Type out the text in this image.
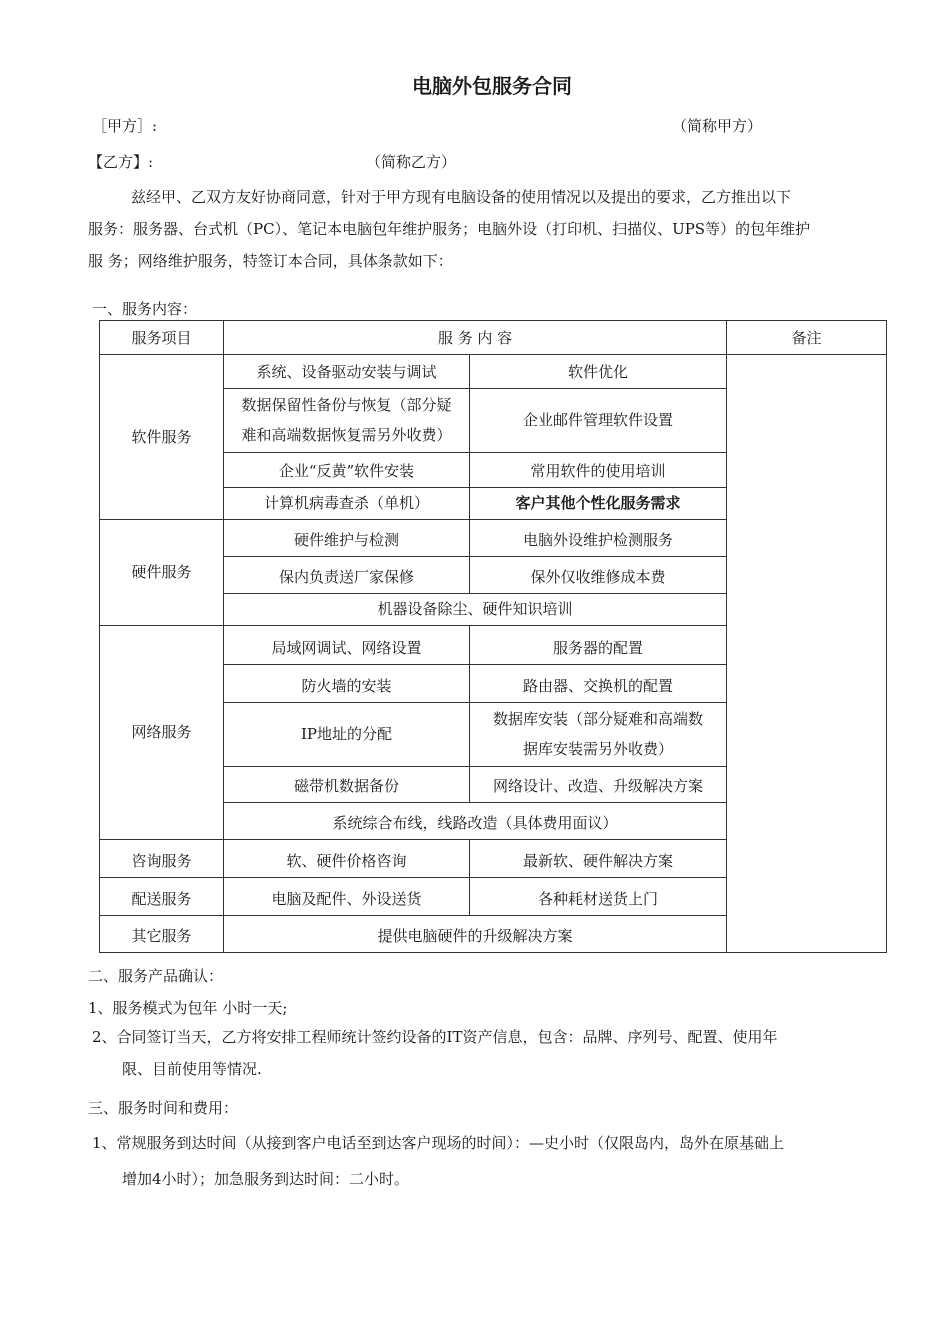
电脑外包服务合同
［甲方］:	（简称甲方）
【乙方】:	（简称乙方）
兹经甲、乙双方友好协商同意，针对于甲方现有电脑设备的使用情况以及提出的要求，乙方推出以下
服务：服务器、台式机（PC）、笔记本电脑包年维护服务；电脑外设（打印机、扫描仪、UPS等）的包年维护
服 务；网络维护服务，特签订本合同，具体条款如下：
一、服务内容：
服务项目	服 务 内 容		备注
软件服务	系统、设备驱动安装与调试	软件优化	

	数据保留性备份与恢复（部分疑
难和高端数据恢复需另外收费）	企业邮件管理软件设置	
	企业“反黄”软件安装	常用软件的使用培训	
	计算机病毒查杀（单机）	客户其他个性化服务需求	
硬件服务	硬件维护与检测	电脑外设维护检测服务	
	保内负责送厂家保修	保外仅收维修成本费	
	机器设备除尘、硬件知识培训		
网络服务	局域网调试、网络设置	服务器的配置	
	防火墙的安装	路由器、交换机的配置	
	IP地址的分配	数据库安装（部分疑难和高端数
据库安装需另外收费）	

	磁带机数据备份	网络设计、改造、升级解决方案	
	系统综合布线，线路改造（具体费用面议）		
咨询服务	软、硬件价格咨询	最新软、硬件解决方案	
配送服务	电脑及配件、外设送货	各种耗材送货上门	
其它服务	提供电脑硬件的升级解决方案		
二、服务产品确认：
1、服务模式为包年 小时一天;
2、合同签订当天，乙方将安排工程师统计签约设备的IT资产信息，包含：品牌、序列号、配置、使用年
限、目前使用等情况.
三、服务时间和费用：
1、常规服务到达时间（从接到客户电话至到达客户现场的时间）：—史小时（仅限岛内，岛外在原基础上
增加4小时）；加急服务到达时间：二小时。
